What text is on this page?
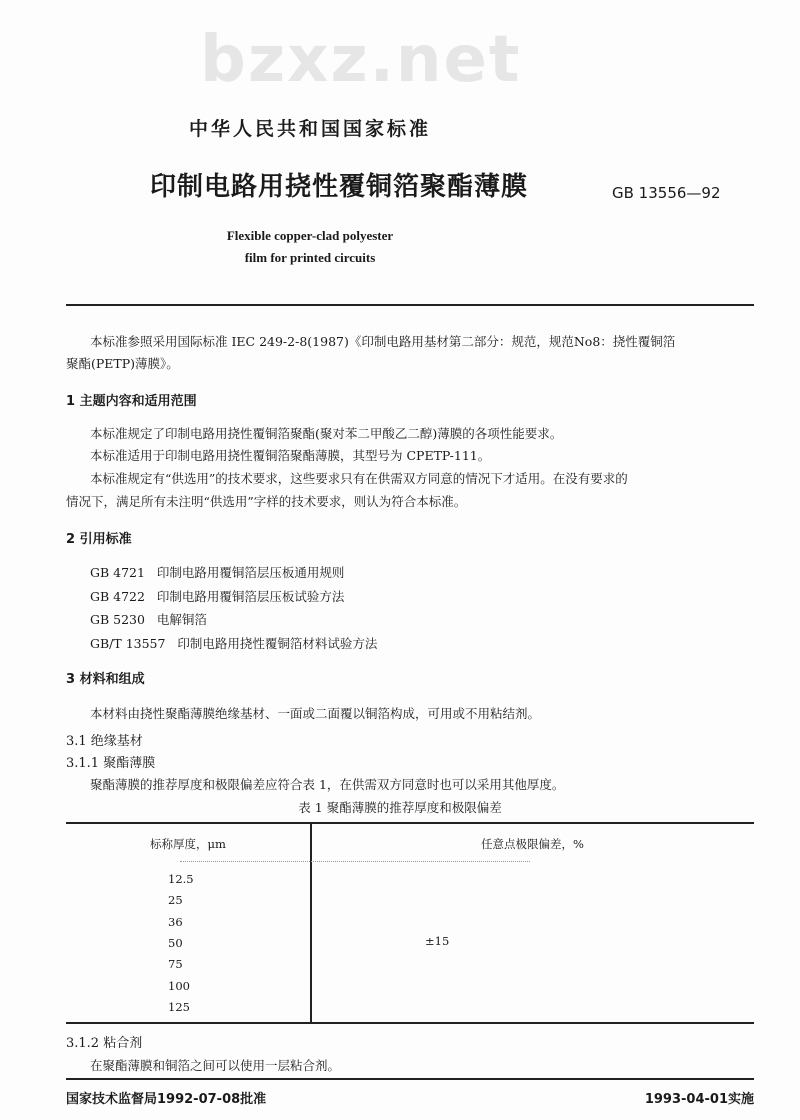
bzxz.net
中华人民共和国国家标准
印制电路用挠性覆铜箔聚酯薄膜	GB 13556—92
Flexible copper-clad polyester
film for printed circuits
本标准参照采用国际标准 IEC 249-2-8(1987)《印制电路用基材第二部分：规范，规范No8：挠性覆铜箔
聚酯(PETP)薄膜》。
1 主题内容和适用范围
本标准规定了印制电路用挠性覆铜箔聚酯(聚对苯二甲酸乙二醇)薄膜的各项性能要求。
本标准适用于印制电路用挠性覆铜箔聚酯薄膜，其型号为 CPETP-111。
本标准规定有“供选用”的技术要求，这些要求只有在供需双方同意的情况下才适用。在没有要求的
情况下，满足所有未注明“供选用”字样的技术要求，则认为符合本标准。
2 引用标准
GB 4721 印制电路用覆铜箔层压板通用规则
GB 4722 印制电路用覆铜箔层压板试验方法
GB 5230 电解铜箔
GB/T 13557 印制电路用挠性覆铜箔材料试验方法
3 材料和组成
本材料由挠性聚酯薄膜绝缘基材、一面或二面覆以铜箔构成，可用或不用粘结剂。
3.1 绝缘基材
3.1.1 聚酯薄膜
聚酯薄膜的推荐厚度和极限偏差应符合表 1，在供需双方同意时也可以采用其他厚度。
表 1 聚酯薄膜的推荐厚度和极限偏差
标称厚度，μm	任意点极限偏差，%
12.5
25
36
50
75
100
125
±15
3.1.2 粘合剂
在聚酯薄膜和铜箔之间可以使用一层粘合剂。
国家技术监督局1992-07-08批准	1993-04-01实施
